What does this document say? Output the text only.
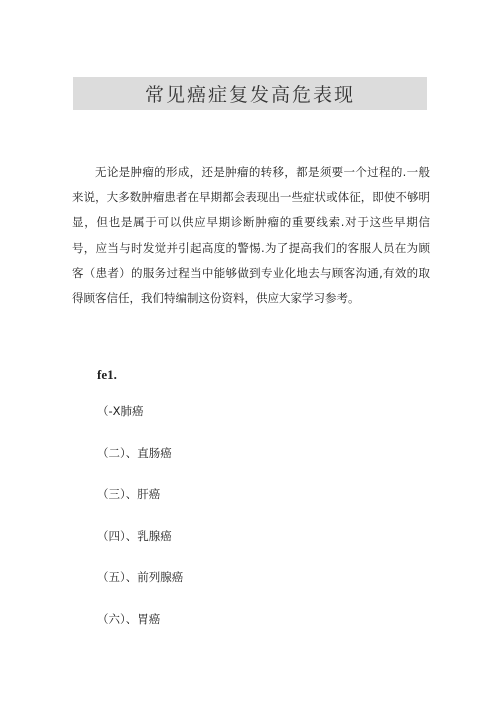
常见癌症复发高危表现

无论是肿瘤的形成，还是肿瘤的转移，都是须要一个过程的.一般来说，大多数肿瘤患者在早期都会表现出一些症状或体征，即使不够明显，但也是属于可以供应早期诊断肿瘤的重要线索.对于这些早期信号，应当与时发觉并引起高度的警惕.为了提高我们的客服人员在为顾客（患者）的服务过程当中能够做到专业化地去与顾客沟通,有效的取得顾客信任，我们特编制这份资料，供应大家学习参考。

fe1.
（-X肺癌
（二）、直肠癌
（三）、肝癌
（四）、乳腺癌
（五）、前列腺癌
（六）、胃癌
